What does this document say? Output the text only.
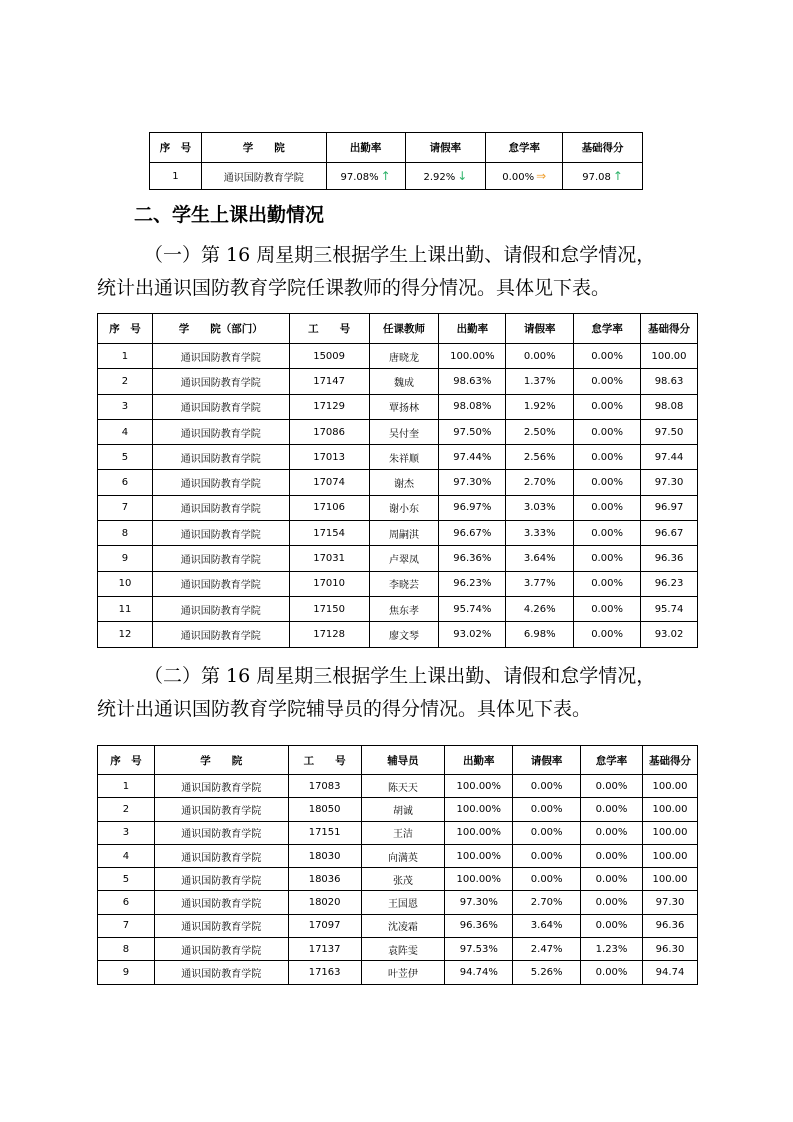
序　号	学　　院	出勤率	请假率	怠学率	基础得分
1	通识国防教育学院	97.08% ↑	2.92% ↓	0.00% ⇒	97.08 ↑
二、学生上课出勤情况
（一）第 16 周星期三根据学生上课出勤、请假和怠学情况，
统计出通识国防教育学院任课教师的得分情况。具体见下表。
序　号	学　　院（部门）	工　　号	任课教师	出勤率	请假率	怠学率	基础得分
1	通识国防教育学院	15009	唐晓龙	100.00%	0.00%	0.00%	100.00
2	通识国防教育学院	17147	魏成	98.63%	1.37%	0.00%	98.63
3	通识国防教育学院	17129	覃扬林	98.08%	1.92%	0.00%	98.08
4	通识国防教育学院	17086	吴付奎	97.50%	2.50%	0.00%	97.50
5	通识国防教育学院	17013	朱祥顺	97.44%	2.56%	0.00%	97.44
6	通识国防教育学院	17074	谢杰	97.30%	2.70%	0.00%	97.30
7	通识国防教育学院	17106	谢小东	96.97%	3.03%	0.00%	96.97
8	通识国防教育学院	17154	周嗣淇	96.67%	3.33%	0.00%	96.67
9	通识国防教育学院	17031	卢翠凤	96.36%	3.64%	0.00%	96.36
10	通识国防教育学院	17010	李晓芸	96.23%	3.77%	0.00%	96.23
11	通识国防教育学院	17150	焦东孝	95.74%	4.26%	0.00%	95.74
12	通识国防教育学院	17128	廖文琴	93.02%	6.98%	0.00%	93.02
（二）第 16 周星期三根据学生上课出勤、请假和怠学情况，
统计出通识国防教育学院辅导员的得分情况。具体见下表。
序　号	学　　院	工　　号	辅导员	出勤率	请假率	怠学率	基础得分
1	通识国防教育学院	17083	陈天天	100.00%	0.00%	0.00%	100.00
2	通识国防教育学院	18050	胡诚	100.00%	0.00%	0.00%	100.00
3	通识国防教育学院	17151	王洁	100.00%	0.00%	0.00%	100.00
4	通识国防教育学院	18030	向满英	100.00%	0.00%	0.00%	100.00
5	通识国防教育学院	18036	张茂	100.00%	0.00%	0.00%	100.00
6	通识国防教育学院	18020	王国恩	97.30%	2.70%	0.00%	97.30
7	通识国防教育学院	17097	沈凌霜	96.36%	3.64%	0.00%	96.36
8	通识国防教育学院	17137	袁阵雯	97.53%	2.47%	1.23%	96.30
9	通识国防教育学院	17163	叶苙伊	94.74%	5.26%	0.00%	94.74
